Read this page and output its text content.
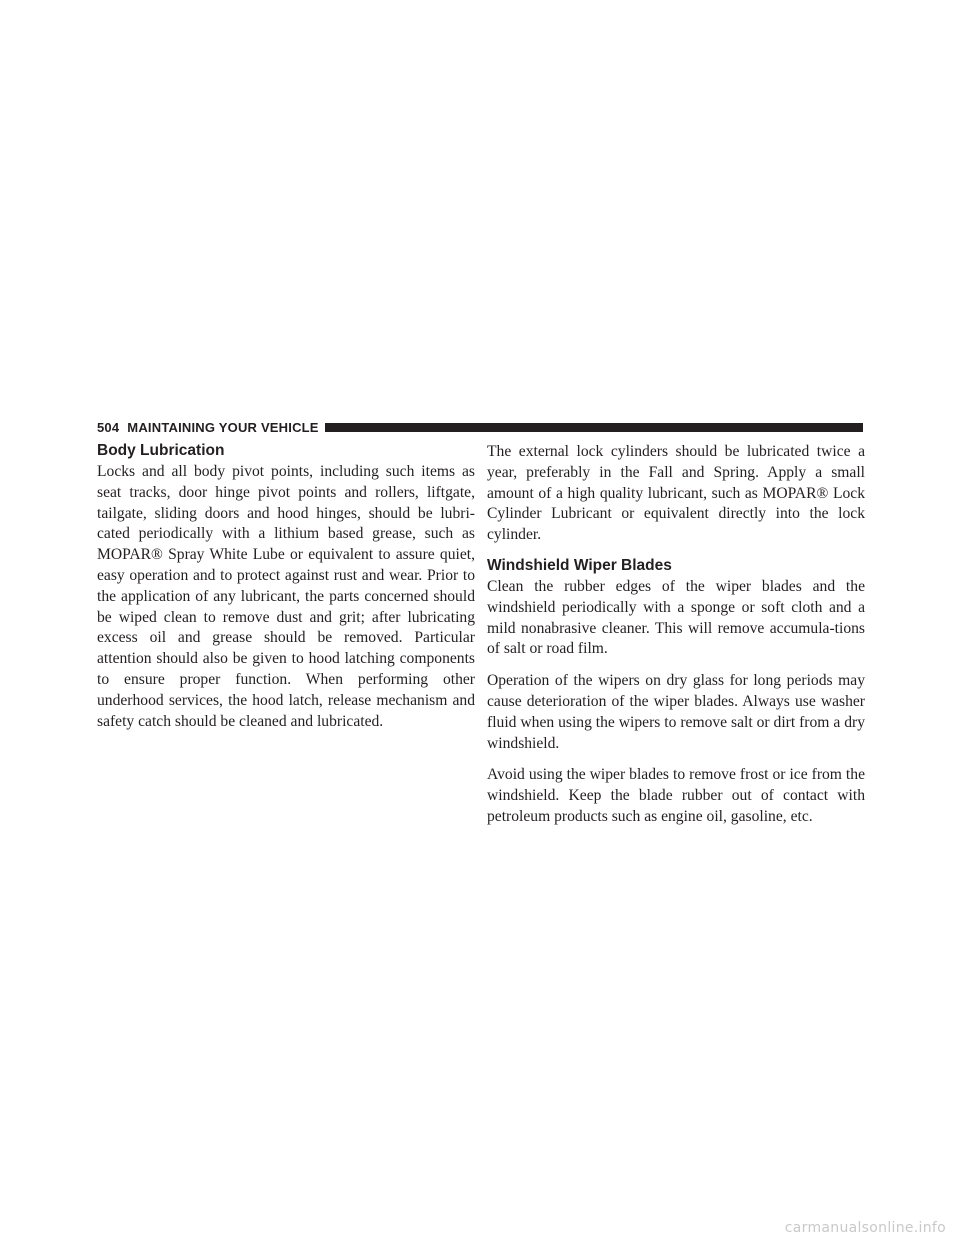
504 MAINTAINING YOUR VEHICLE
Body Lubrication

Locks and all body pivot points, including such items as seat tracks, door hinge pivot points and rollers, liftgate, tailgate, sliding doors and hood hinges, should be lubri-cated periodically with a lithium based grease, such as MOPAR® Spray White Lube or equivalent to assure quiet, easy operation and to protect against rust and wear. Prior to the application of any lubricant, the parts concerned should be wiped clean to remove dust and grit; after lubricating excess oil and grease should be removed. Particular attention should also be given to hood latching components to ensure proper function. When performing other underhood services, the hood latch, release mechanism and safety catch should be cleaned and lubricated.

The external lock cylinders should be lubricated twice a year, preferably in the Fall and Spring. Apply a small amount of a high quality lubricant, such as MOPAR® Lock Cylinder Lubricant or equivalent directly into the lock cylinder.

Windshield Wiper Blades

Clean the rubber edges of the wiper blades and the windshield periodically with a sponge or soft cloth and a mild nonabrasive cleaner. This will remove accumula-tions of salt or road film.

Operation of the wipers on dry glass for long periods may cause deterioration of the wiper blades. Always use washer fluid when using the wipers to remove salt or dirt from a dry windshield.

Avoid using the wiper blades to remove frost or ice from the windshield. Keep the blade rubber out of contact with petroleum products such as engine oil, gasoline, etc.

carmanualsonline.info
